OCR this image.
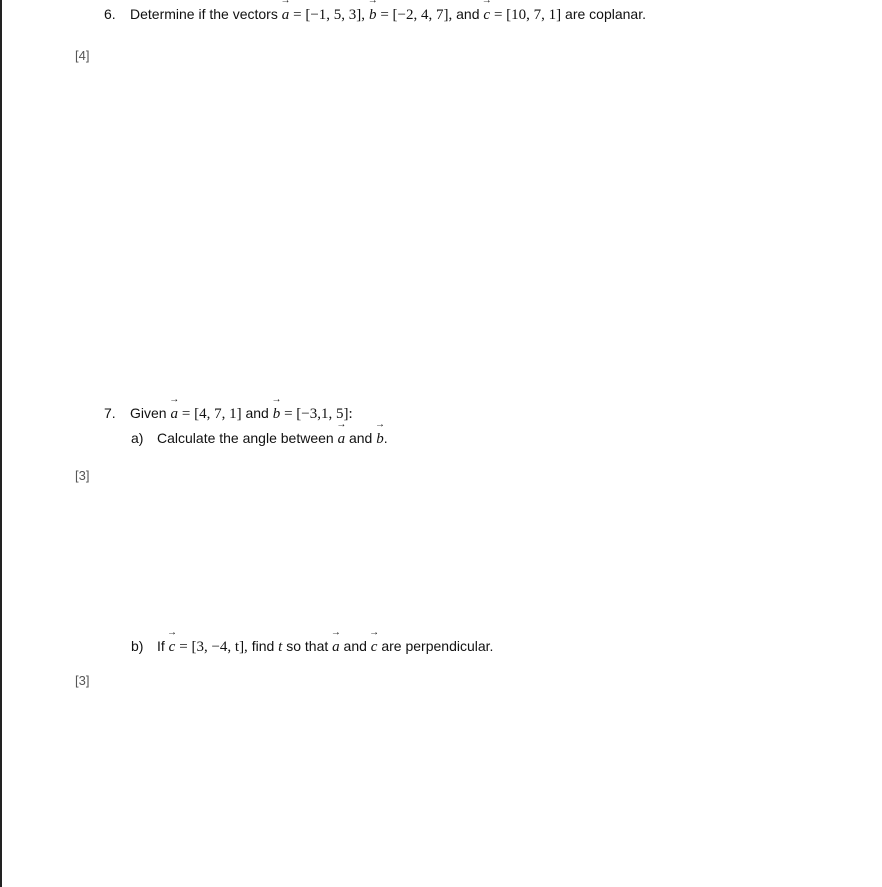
6. Determine if the vectors → a = [−1, 5, 3], → b = [−2, 4, 7], and → c = [10, 7, 1] are coplanar.
[4]
7. Given → a = [4, 7, 1] and → b = [−3,1, 5]:
a) Calculate the angle between → a and → b.
[3]
b) If → c = [3, −4, t], find t so that → a and → c are perpendicular.
[3]
